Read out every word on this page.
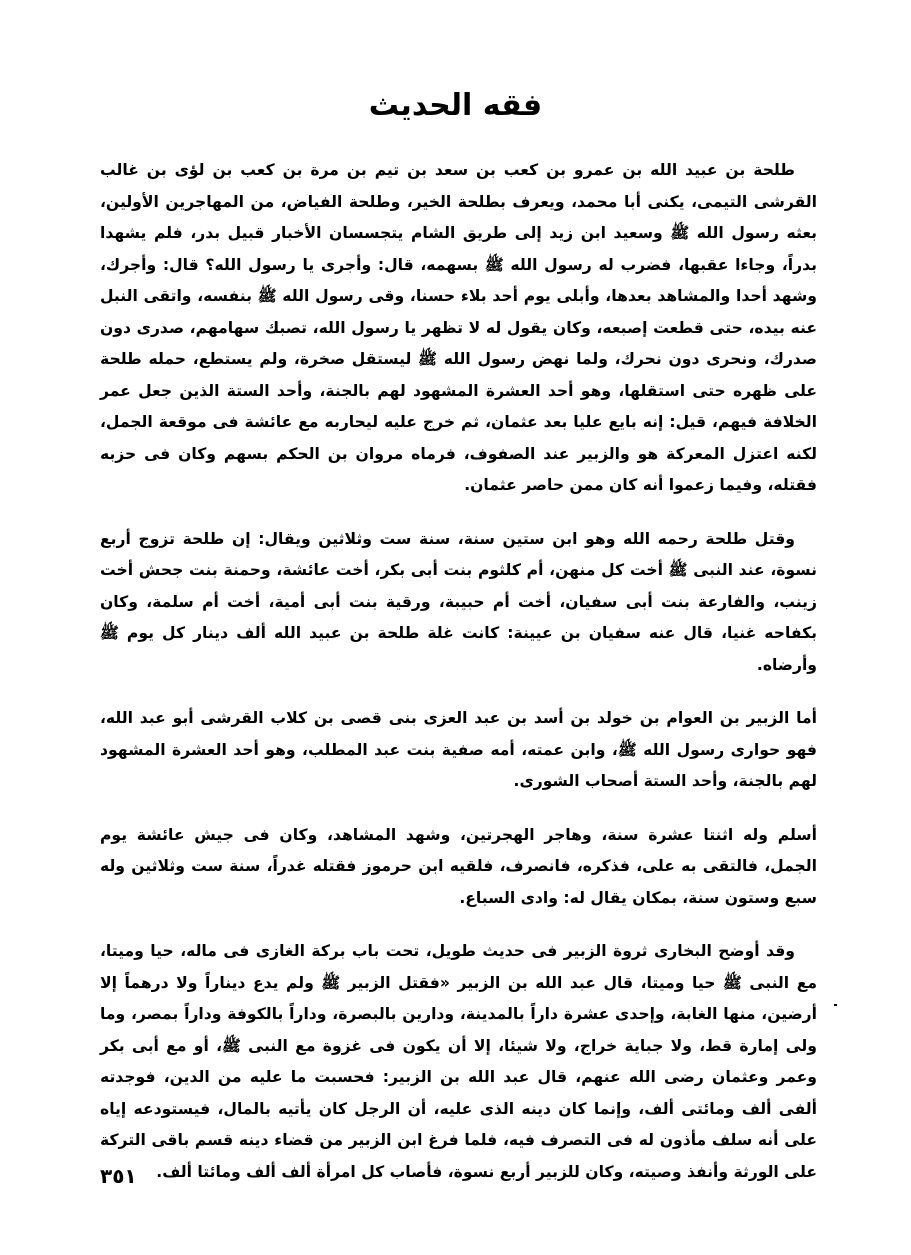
فقه الحديث

طلحة بن عبيد الله بن عمرو بن كعب بن سعد بن تيم بن مرة بن كعب بن لؤى بن غالب القرشى التيمى، يكنى أبا محمد، ويعرف بطلحة الخير، وطلحة الفياض، من المهاجرين الأولين، بعثه رسول الله ﷺ وسعيد ابن زيد إلى طريق الشام يتجسسان الأخبار قبيل بدر، فلم يشهدا بدراً، وجاءا عقبها، فضرب له رسول الله ﷺ بسهمه، قال: وأجرى يا رسول الله؟ قال: وأجرك، وشهد أحدا والمشاهد بعدها، وأبلى يوم أحد بلاء حسنا، وقى رسول الله ﷺ بنفسه، واتقى النبل عنه بيده، حتى قطعت إصبعه، وكان يقول له لا تظهر يا رسول الله، تصبك سهامهم، صدرى دون صدرك، ونحرى دون نحرك، ولما نهض رسول الله ﷺ ليستقل صخرة، ولم يستطع، حمله طلحة على ظهره حتى استقلها، وهو أحد العشرة المشهود لهم بالجنة، وأحد الستة الذين جعل عمر الخلافة فيهم، قيل: إنه بايع عليا بعد عثمان، ثم خرج عليه ليحاربه مع عائشة فى موقعة الجمل، لكنه اعتزل المعركة هو والزبير عند الصفوف، فرماه مروان بن الحكم بسهم وكان فى حزبه فقتله، وفيما زعموا أنه كان ممن حاصر عثمان.

وقتل طلحة رحمه الله وهو ابن ستين سنة، سنة ست وثلاثين ويقال: إن طلحة تزوج أربع نسوة، عند النبى ﷺ أخت كل منهن، أم كلثوم بنت أبى بكر، أخت عائشة، وحمنة بنت جحش أخت زينب، والفارعة بنت أبى سفيان، أخت أم حبيبة، ورقية بنت أبى أمية، أخت أم سلمة، وكان بكفاحه غنيا، قال عنه سفيان بن عيينة: كانت غلة طلحة بن عبيد الله ألف دينار كل يوم ﷺ وأرضاه.

أما الزبير بن العوام بن خولد بن أسد بن عبد العزى بنى قصى بن كلاب القرشى أبو عبد الله، فهو حوارى رسول الله ﷺ، وابن عمته، أمه صفية بنت عبد المطلب، وهو أحد العشرة المشهود لهم بالجنة، وأحد الستة أصحاب الشورى.

أسلم وله اثنتا عشرة سنة، وهاجر الهجرتين، وشهد المشاهد، وكان فى جيش عائشة يوم الجمل، فالتقى به على، فذكره، فانصرف، فلقيه ابن حرموز فقتله غدراً، سنة ست وثلاثين وله سبع وستون سنة، بمكان يقال له: وادى السباع.

وقد أوضح البخارى ثروة الزبير فى حديث طويل، تحت باب بركة الغازى فى ماله، حيا وميتا، مع النبى ﷺ حيا وميتا، قال عبد الله بن الزبير «فقتل الزبير ﷺ ولم يدع ديناراً ولا درهماً إلا أرضين، منها الغابة، وإحدى عشرة داراً بالمدينة، ودارين بالبصرة، وداراً بالكوفة وداراً بمصر، وما ولى إمارة قط، ولا جباية خراج، ولا شيئا، إلا أن يكون فى غزوة مع النبى ﷺ، أو مع أبى بكر وعمر وعثمان رضى الله عنهم، قال عبد الله بن الزبير: فحسبت ما عليه من الدين، فوجدته ألفى ألف ومائتى ألف، وإنما كان دينه الذى عليه، أن الرجل كان يأتيه بالمال، فيستودعه إياه على أنه سلف مأذون له فى التصرف فيه، فلما فرغ ابن الزبير من قضاء دينه قسم باقى التركة على الورثة وأنفذ وصيته، وكان للزبير أربع نسوة، فأصاب كل امرأة ألف ألف ومائتا ألف.

٣٥١
